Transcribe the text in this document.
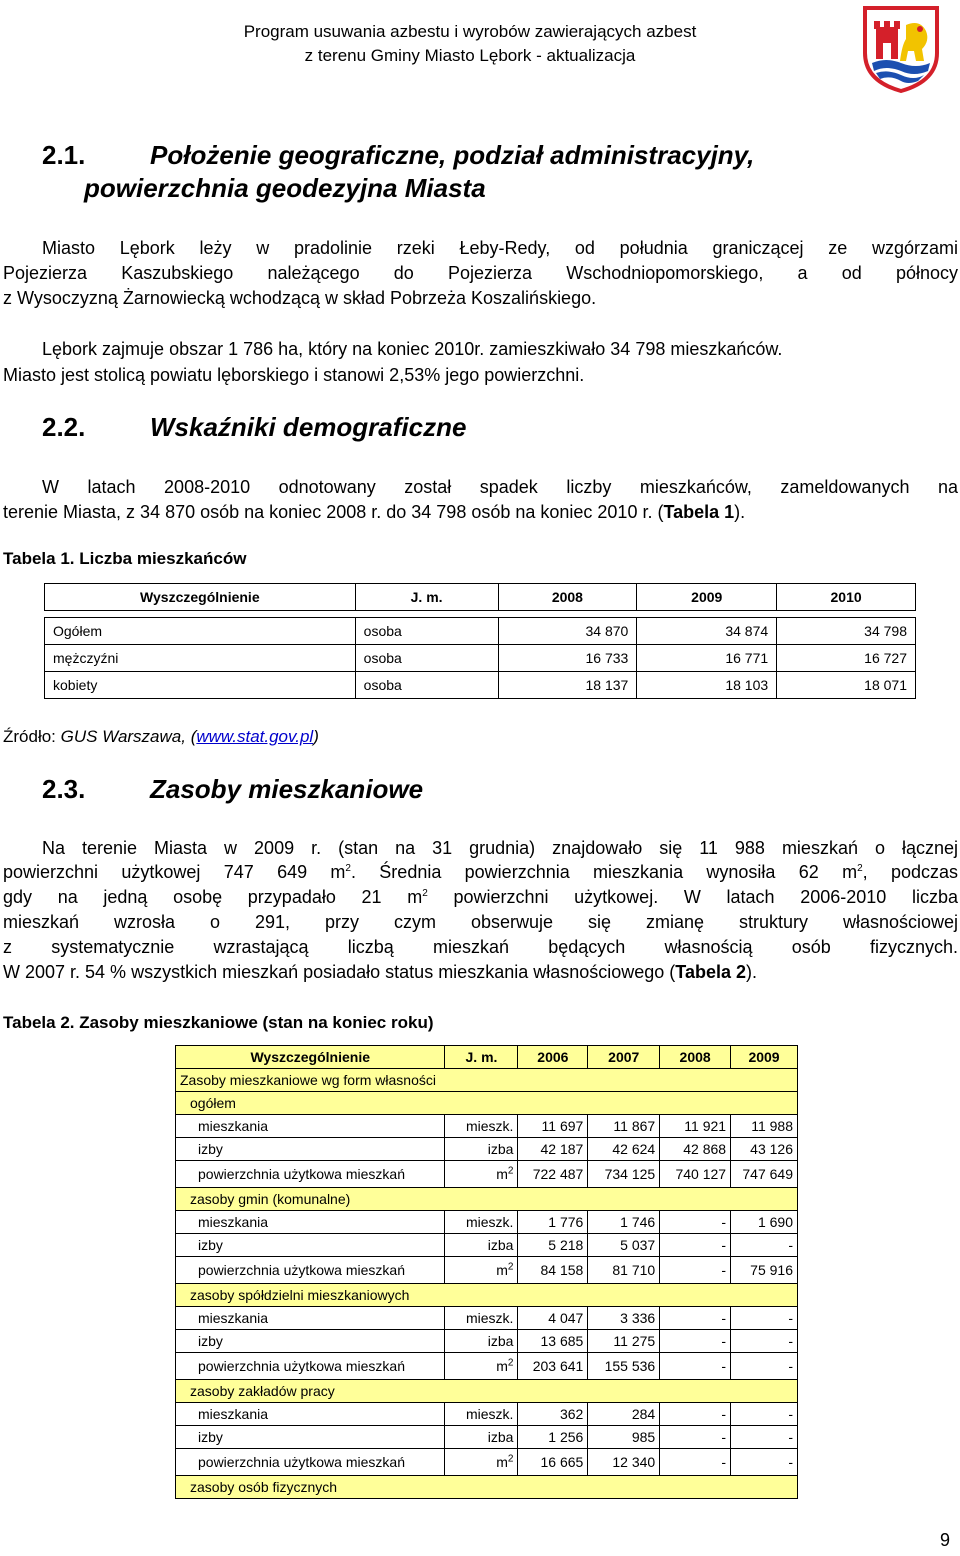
Program usuwania azbestu i wyrobów zawierających azbest
z terenu Gminy Miasto Lębork - aktualizacja
2.1. Położenie geograficzne, podział administracyjny,
powierzchnia geodezyjna Miasta
Miasto Lębork leży w pradolinie rzeki Łeby-Redy, od południa graniczącej ze wzgórzami
Pojezierza Kaszubskiego należącego do Pojezierza Wschodniopomorskiego, a od północy
z Wysoczyzną Żarnowiecką wchodzącą w skład Pobrzeża Koszalińskiego.
Lębork zajmuje obszar 1 786 ha, który na koniec 2010r. zamieszkiwało 34 798 mieszkańców.
Miasto jest stolicą powiatu lęborskiego i stanowi 2,53% jego powierzchni.
2.2. Wskaźniki demograficzne
W latach 2008-2010 odnotowany został spadek liczby mieszkańców, zameldowanych na
terenie Miasta, z 34 870 osób na koniec 2008 r. do 34 798 osób na koniec 2010 r. (Tabela 1).
Tabela 1. Liczba mieszkańców
Wyszczególnienie	J. m.	2008	2009	2010

Ogółem	osoba	34 870	34 874	34 798
mężczyźni	osoba	16 733	16 771	16 727
kobiety	osoba	18 137	18 103	18 071
Źródło: GUS Warszawa, (www.stat.gov.pl)
2.3. Zasoby mieszkaniowe
Na terenie Miasta w 2009 r. (stan na 31 grudnia) znajdowało się 11 988 mieszkań o łącznej
powierzchni użytkowej 747 649 $m^2$. Średnia powierzchnia mieszkania wynosiła 62 $m^2$, podczas
gdy na jedną osobę przypadało 21 $m^2$ powierzchni użytkowej. W latach 2006-2010 liczba
mieszkań wzrosła o 291, przy czym obserwuje się zmianę struktury własnościowej
z systematycznie wzrastającą liczbą mieszkań będących własnością osób fizycznych.
W 2007 r. 54 % wszystkich mieszkań posiadało status mieszkania własnościowego (Tabela 2).
Tabela 2. Zasoby mieszkaniowe (stan na koniec roku)
Wyszczególnienie	J. m.	2006	2007	2008	2009
Zasoby mieszkaniowe wg form własności					
ogółem					
mieszkania	mieszk.	11 697	11 867	11 921	11 988
izby	izba	42 187	42 624	42 868	43 126
powierzchnia użytkowa mieszkań	$m^2$	722 487	734 125	740 127	747 649
zasoby gmin (komunalne)					
mieszkania	mieszk.	1 776	1 746	-	1 690
izby	izba	5 218	5 037	-	-
powierzchnia użytkowa mieszkań	$m^2$	84 158	81 710	-	75 916
zasoby spółdzielni mieszkaniowych					
mieszkania	mieszk.	4 047	3 336	-	-
izby	izba	13 685	11 275	-	-
powierzchnia użytkowa mieszkań	$m^2$	203 641	155 536	-	-
zasoby zakładów pracy					
mieszkania	mieszk.	362	284	-	-
izby	izba	1 256	985	-	-
powierzchnia użytkowa mieszkań	$m^2$	16 665	12 340	-	-
zasoby osób fizycznych					
9
